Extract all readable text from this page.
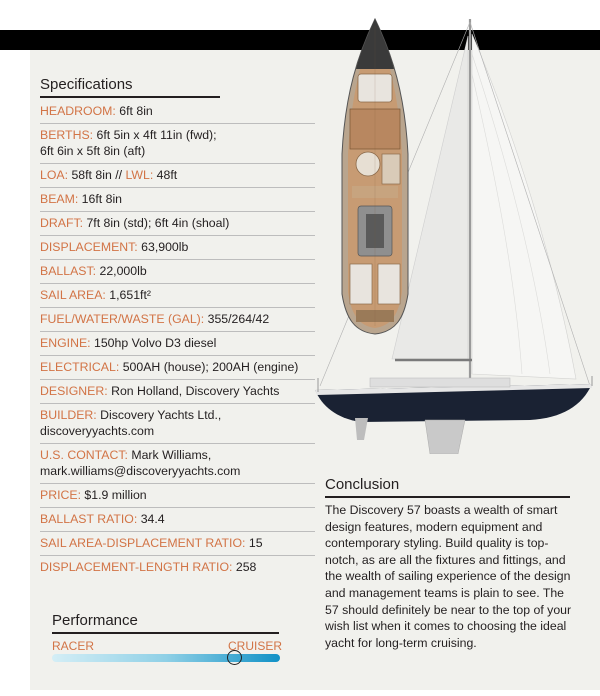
Specifications
HEADROOM: 6ft 8in
BERTHS: 6ft 5in x 4ft 11in (fwd);
6ft 6in x 5ft 8in (aft)
LOA: 58ft 8in // LWL: 48ft
BEAM: 16ft 8in
DRAFT: 7ft 8in (std); 6ft 4in (shoal)
DISPLACEMENT: 63,900lb
BALLAST: 22,000lb
SAIL AREA: 1,651ft²
FUEL/WATER/WASTE (GAL): 355/264/42
ENGINE: 150hp Volvo D3 diesel
ELECTRICAL: 500AH (house); 200AH (engine)
DESIGNER: Ron Holland, Discovery Yachts
BUILDER: Discovery Yachts Ltd.,
discoveryyachts.com
U.S. CONTACT: Mark Williams,
mark.williams@discoveryyachts.com
PRICE: $1.9 million
BALLAST RATIO: 34.4
SAIL AREA-DISPLACEMENT RATIO: 15
DISPLACEMENT-LENGTH RATIO: 258
Performance
RACER	CRUISER
Conclusion
The Discovery 57 boasts a wealth of smart design features, modern equipment and contemporary styling. Build quality is top-notch, as are all the fixtures and fittings, and the wealth of sailing experience of the design and management teams is plain to see. The 57 should definitely be near to the top of your wish list when it comes to choosing the ideal yacht for long-term cruising.
